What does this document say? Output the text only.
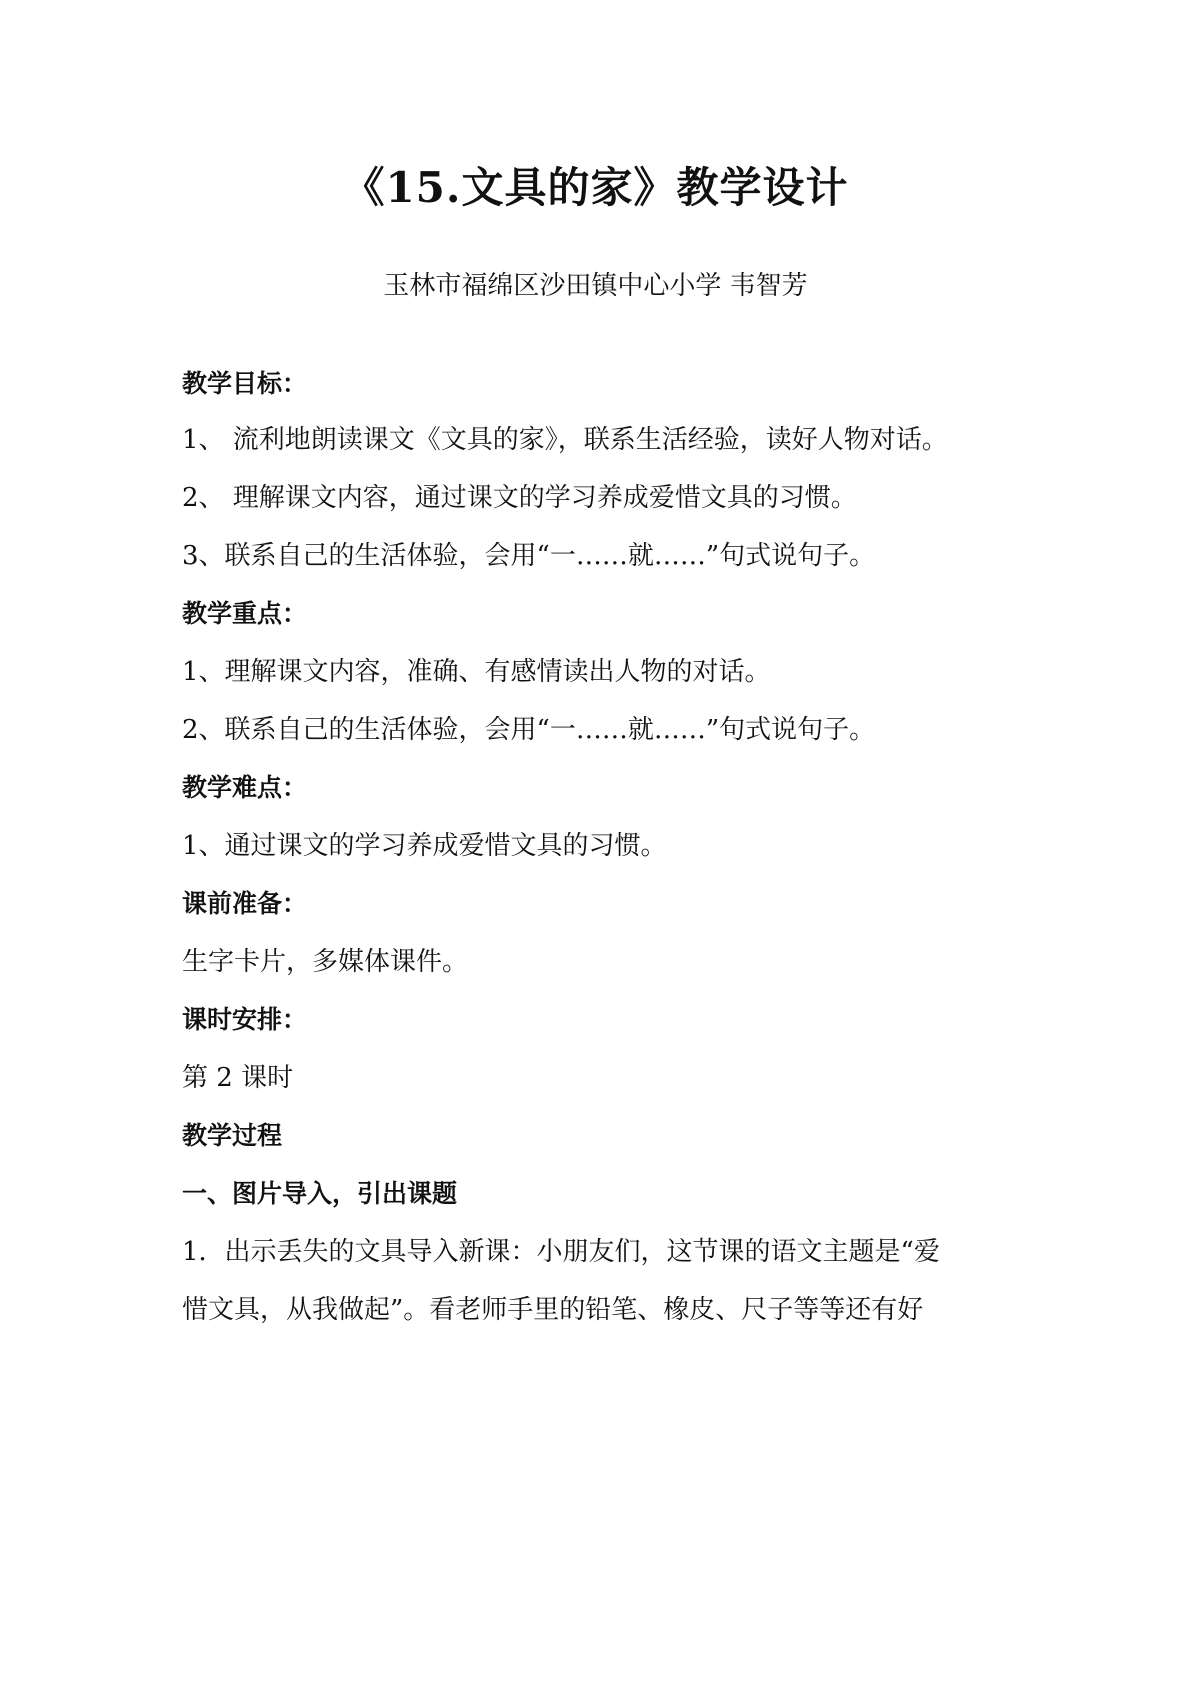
《15.文具的家》教学设计
玉林市福绵区沙田镇中心小学 韦智芳
教学目标：
1、 流利地朗读课文《文具的家》，联系生活经验，读好人物对话。
2、 理解课文内容，通过课文的学习养成爱惜文具的习惯。
3、联系自己的生活体验，会用“一……就……”句式说句子。
教学重点：
1、理解课文内容，准确、有感情读出人物的对话。
2、联系自己的生活体验，会用“一……就……”句式说句子。
教学难点：
1、通过课文的学习养成爱惜文具的习惯。
课前准备：
生字卡片，多媒体课件。
课时安排：
第 2 课时
教学过程
一、图片导入，引出课题
1．出示丢失的文具导入新课：小朋友们，这节课的语文主题是“爱
惜文具，从我做起”。看老师手里的铅笔、橡皮、尺子等等还有好
